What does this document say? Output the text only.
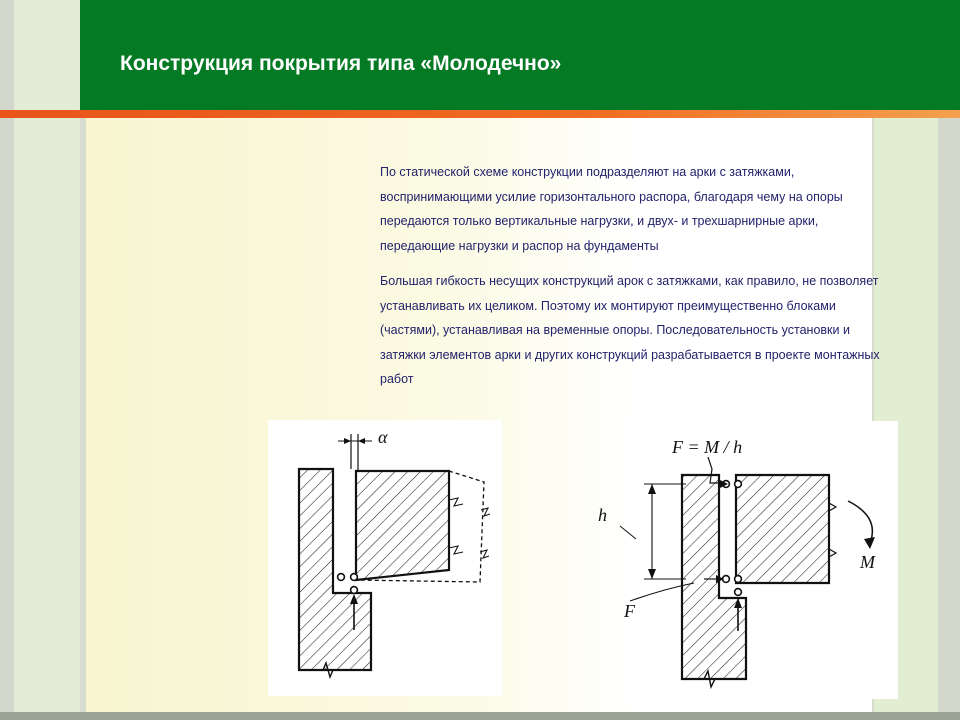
Конструкция покрытия типа «Молодечно»

По статической схеме конструкции подразделяют на арки с затяжками, воспринимающими усилие горизонтального распора, благодаря чему на опоры передаются только вертикальные нагрузки, и двух- и трехшарнирные арки, передающие нагрузки и распор на фундаменты

Большая гибкость несущих конструкций арок с затяжками, как правило, не позволяет устанавливать их целиком. Поэтому их монтируют преимущественно блоками (частями), устанавливая на временные опоры. Последовательность установки и затяжки элементов арки и других конструкций разрабатывается в проекте монтажных работ

α	F = M / h
h
F
M
